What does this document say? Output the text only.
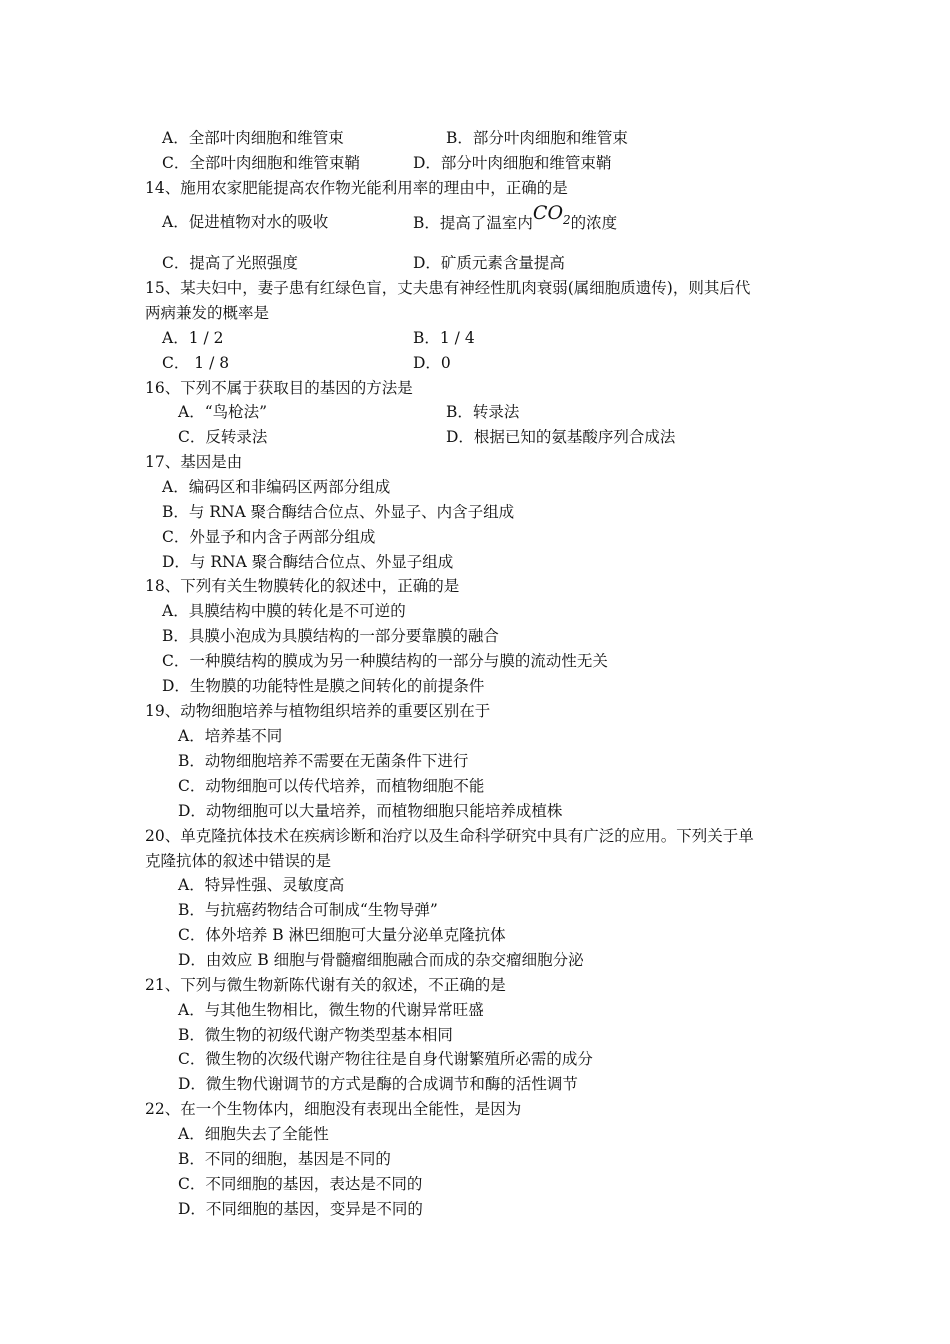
A．全部叶肉细胞和维管束	B．部分叶肉细胞和维管束
C．全部叶肉细胞和维管束鞘	D．部分叶肉细胞和维管束鞘
14、施用农家肥能提高农作物光能利用率的理由中，正确的是
A．促进植物对水的吸收	B．提高了温室内$CO_2$的浓度
C．提高了光照强度	D．矿质元素含量提高
15、某夫妇中，妻子患有红绿色盲，丈夫患有神经性肌肉衰弱(属细胞质遗传)，则其后代
两病兼发的概率是
A．1 / 2	B．1 / 4
C． 1 / 8	D．0
16、下列不属于获取目的基因的方法是
A．“鸟枪法”	B．转录法
C．反转录法	D．根据已知的氨基酸序列合成法
17、基因是由
A．编码区和非编码区两部分组成
B．与 RNA 聚合酶结合位点、外显子、内含子组成
C．外显予和内含子两部分组成
D．与 RNA 聚合酶结合位点、外显子组成
18、下列有关生物膜转化的叙述中，正确的是
A．具膜结构中膜的转化是不可逆的
B．具膜小泡成为具膜结构的一部分要靠膜的融合
C．一种膜结构的膜成为另一种膜结构的一部分与膜的流动性无关
D．生物膜的功能特性是膜之间转化的前提条件
19、动物细胞培养与植物组织培养的重要区别在于
A．培养基不同
B．动物细胞培养不需要在无菌条件下进行
C．动物细胞可以传代培养，而植物细胞不能
D．动物细胞可以大量培养，而植物细胞只能培养成植株
20、单克隆抗体技术在疾病诊断和治疗以及生命科学研究中具有广泛的应用。下列关于单
克隆抗体的叙述中错误的是
A．特异性强、灵敏度高
B．与抗癌药物结合可制成“生物导弹”
C．体外培养 B 淋巴细胞可大量分泌单克隆抗体
D．由效应 B 细胞与骨髓瘤细胞融合而成的杂交瘤细胞分泌
21、下列与微生物新陈代谢有关的叙述，不正确的是
A．与其他生物相比，微生物的代谢异常旺盛
B．微生物的初级代谢产物类型基本相同
C．微生物的次级代谢产物往往是自身代谢繁殖所必需的成分
D．微生物代谢调节的方式是酶的合成调节和酶的活性调节
22、在一个生物体内，细胞没有表现出全能性，是因为
A．细胞失去了全能性
B．不同的细胞，基因是不同的
C．不同细胞的基因，表达是不同的
D．不同细胞的基因，变异是不同的
